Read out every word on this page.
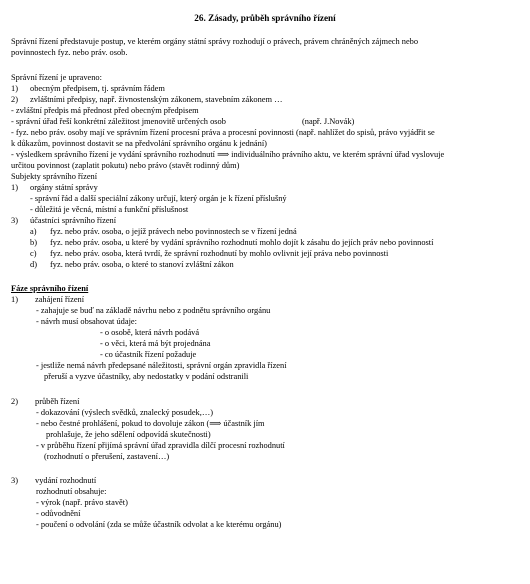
26. Zásady, průběh správního řízení
Správní řízení představuje postup, ve kterém orgány státní správy rozhodují o právech, právem chráněných zájmech nebo
povinnostech fyz. nebo práv. osob.
Správní řízení je upraveno:
1) obecným předpisem, tj. správním řádem
2) zvláštními předpisy, např. živnostenským zákonem, stavebním zákonem …
- zvláštní předpis má přednost před obecným předpisem
- správní úřad řeší konkrétní záležitost jmenovitě určených osob	(např. J.Novák)
- fyz. nebo práv. osoby mají ve správním řízení procesní práva a procesní povinnosti (např. nahlížet do spisů, právo vyjádřit se
k důkazům, povinnost dostavit se na předvolání správního orgánu k jednání)
- výsledkem správního řízení je vydání správního rozhodnutí ⟹ individuálního právního aktu, ve kterém správní úřad vyslovuje
určitou povinnost (zaplatit pokutu) nebo právo (stavět rodinný dům)
Subjekty správního řízení
1) orgány státní správy
- správní řád a další speciální zákony určují, který orgán je k řízení příslušný
- důležitá je věcná, místní a funkční příslušnost
3) účastníci správního řízení
a) fyz. nebo práv. osoba, o jejíž právech nebo povinnostech se v řízení jedná
b) fyz. nebo práv. osoba, u které by vydání správního rozhodnutí mohlo dojít k zásahu do jejích práv nebo povinností
c) fyz. nebo práv. osoba, která tvrdí, že správní rozhodnutí by mohlo ovlivnit její práva nebo povinnosti
d) fyz. nebo práv. osoba, o které to stanoví zvláštní zákon
Fáze správního řízení
1) zahájení řízení
- zahajuje se buď na základě návrhu nebo z podnětu správního orgánu
- návrh musí obsahovat údaje:
- o osobě, která návrh podává
- o věci, která má být projednána
- co účastník řízení požaduje
- jestliže nemá návrh předepsané náležitosti, správní orgán zpravidla řízení
přeruší a vyzve účastníky, aby nedostatky v podání odstranili
2) průběh řízení
- dokazování (výslech svědků, znalecký posudek,…)
- nebo čestné prohlášení, pokud to dovoluje zákon (⟹ účastník jím
prohlašuje, že jeho sdělení odpovídá skutečnosti)
- v průběhu řízení přijímá správní úřad zpravidla dílčí procesní rozhodnutí
(rozhodnutí o přerušení, zastavení…)
3) vydání rozhodnutí
rozhodnutí obsahuje:
- výrok (např. právo stavět)
- odůvodnění
- poučení o odvolání (zda se může účastník odvolat a ke kterému orgánu)
